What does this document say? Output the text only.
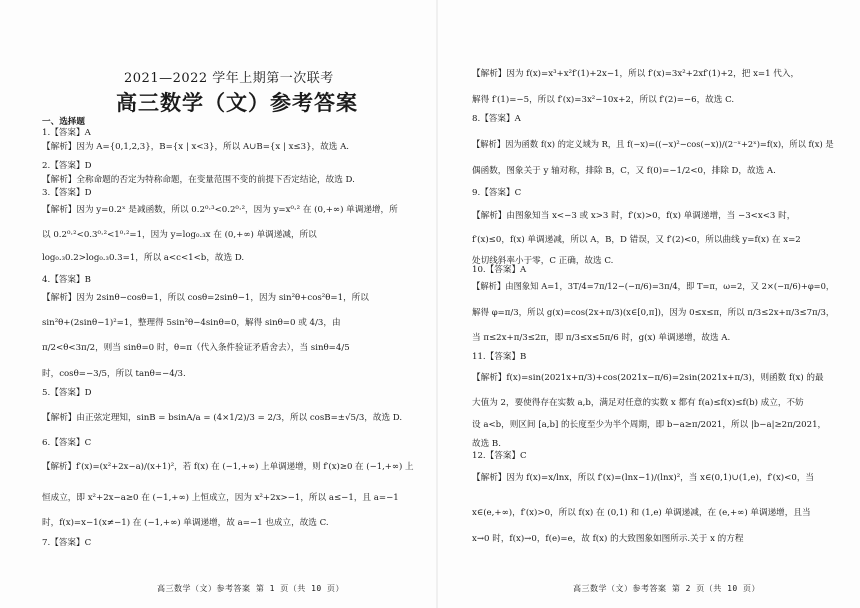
2021—2022 学年上期第一次联考
高三数学（文）参考答案
一、选择题
1.【答案】A
【解析】因为 A={0,1,2,3}，B={x | x<3}，所以 A∪B={x | x≤3}，故选 A.
2.【答案】D
【解析】全称命题的否定为特称命题，在变量范围不变的前提下否定结论，故选 D.
3.【答案】D
【解析】因为 y=0.2ˣ 是减函数，所以 0.2⁰·³<0.2⁰·²，因为 y=x⁰·² 在 (0,+∞) 单调递增，所
以 0.2⁰·²<0.3⁰·²<1⁰·²=1，因为 y=log₀.₃x 在 (0,+∞) 单调递减，所以
log₀.₃0.2>log₀.₃0.3=1，所以 a<c<1<b，故选 D.
4.【答案】B
【解析】因为 2sinθ−cosθ=1，所以 cosθ=2sinθ−1，因为 sin²θ+cos²θ=1，所以
sin²θ+(2sinθ−1)²=1，整理得 5sin²θ−4sinθ=0，解得 sinθ=0 或 4/3，由
π/2<θ<3π/2，则当 sinθ=0 时，θ=π（代入条件验证矛盾舍去），当 sinθ=4/5
时，cosθ=−3/5，所以 tanθ=−4/3.
5.【答案】D
【解析】由正弦定理知，sinB = bsinA/a = (4×1/2)/3 = 2/3，所以 cosB=±√5/3，故选 D.
6.【答案】C
【解析】f′(x)=(x²+2x−a)/(x+1)²，若 f(x) 在 (−1,+∞) 上单调递增，则 f′(x)≥0 在 (−1,+∞) 上
恒成立，即 x²+2x−a≥0 在 (−1,+∞) 上恒成立，因为 x²+2x>−1，所以 a≤−1，且 a=−1
时，f(x)=x−1(x≠−1) 在 (−1,+∞) 单调递增，故 a=−1 也成立，故选 C.
7.【答案】C
【解析】因为 f(x)=x³+x²f′(1)+2x−1，所以 f′(x)=3x²+2xf′(1)+2，把 x=1 代入，
解得 f′(1)=−5，所以 f′(x)=3x²−10x+2，所以 f′(2)=−6，故选 C.
8.【答案】A
【解析】因为函数 f(x) 的定义域为 R，且 f(−x)=((−x)²−cos(−x))/(2⁻ˣ+2ˣ)=f(x)，所以 f(x) 是
偶函数，图象关于 y 轴对称，排除 B，C，又 f(0)=−1/2<0，排除 D，故选 A.
9.【答案】C
【解析】由图象知当 x<−3 或 x>3 时，f′(x)>0，f(x) 单调递增，当 −3<x<3 时，
f′(x)≤0，f(x) 单调递减，所以 A，B，D 错误，又 f′(2)<0，所以曲线 y=f(x) 在 x=2
处切线斜率小于零，C 正确，故选 C.
10.【答案】A
【解析】由图象知 A=1，3T/4=7π/12−(−π/6)=3π/4，即 T=π，ω=2，又 2×(−π/6)+φ=0，
解得 φ=π/3，所以 g(x)=cos(2x+π/3)(x∈[0,π])，因为 0≤x≤π，所以 π/3≤2x+π/3≤7π/3，
当 π≤2x+π/3≤2π，即 π/3≤x≤5π/6 时，g(x) 单调递增，故选 A.
11.【答案】B
【解析】f(x)=sin(2021x+π/3)+cos(2021x−π/6)=2sin(2021x+π/3)，则函数 f(x) 的最
大值为 2，要使得存在实数 a,b，满足对任意的实数 x 都有 f(a)≤f(x)≤f(b) 成立，不妨
设 a<b，则区间 [a,b] 的长度至少为半个周期，即 b−a≥π/2021，所以 |b−a|≥2π/2021，
故选 B.
12.【答案】C
【解析】因为 f(x)=x/lnx，所以 f′(x)=(lnx−1)/(lnx)²，当 x∈(0,1)∪(1,e)，f′(x)<0，当
x∈(e,+∞)，f′(x)>0，所以 f(x) 在 (0,1) 和 (1,e) 单调递减，在 (e,+∞) 单调递增，且当
x→0 时，f(x)→0，f(e)=e，故 f(x) 的大致图象如图所示.关于 x 的方程
高三数学（文）参考答案 第 1 页（共 10 页）	高三数学（文）参考答案 第 2 页（共 10 页）
